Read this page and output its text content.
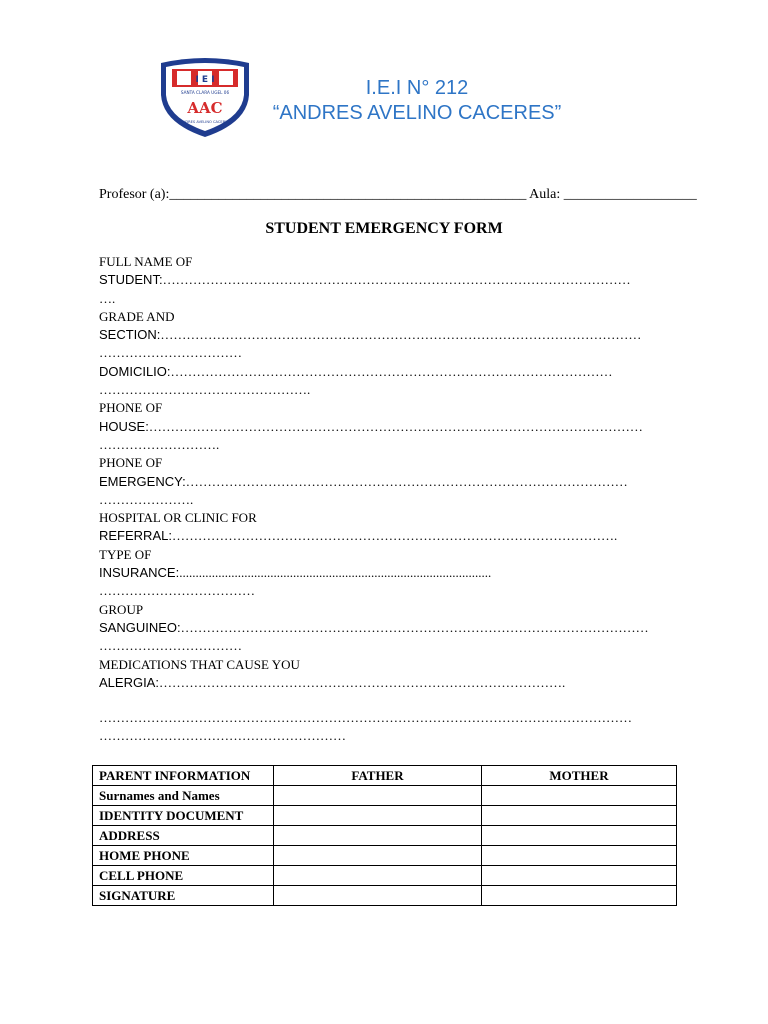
I E I
SANTA CLARA UGEL 06
ANDRES AVELINO CACERES
AAC
I.E.I N° 212
“ANDRES AVELINO CACERES”
Profesor (a):___________________________________________________ Aula: ___________________
STUDENT EMERGENCY FORM
FULL NAME OF
STUDENT:………………………………………………………………………………………………
….
GRADE AND
SECTION:…………………………………………………………………………………………………
……………………………
DOMICILIO:…………………………………………………………………………………………
………………………………………….
PHONE OF
HOUSE:……………………………………………………………………………………………………
……………………….
PHONE OF
EMERGENCY:…………………………………………………………………………………………
………………….
HOSPITAL OR CLINIC FOR
REFERRAL:………………………………………………………………………………………….
TYPE OF
INSURANCE:................................................................................................
………………………………
GROUP
SANGUINEO:………………………………………………………………………………………………
……………………………
MEDICATIONS THAT CAUSE YOU
ALERGIA:………………………………………………………………………………….
……………………………………………………………………………………………………………
…………………………………………………
PARENT INFORMATION	FATHER	MOTHER
Surnames and Names		
IDENTITY DOCUMENT		
ADDRESS		
HOME PHONE		
CELL PHONE		
SIGNATURE		
